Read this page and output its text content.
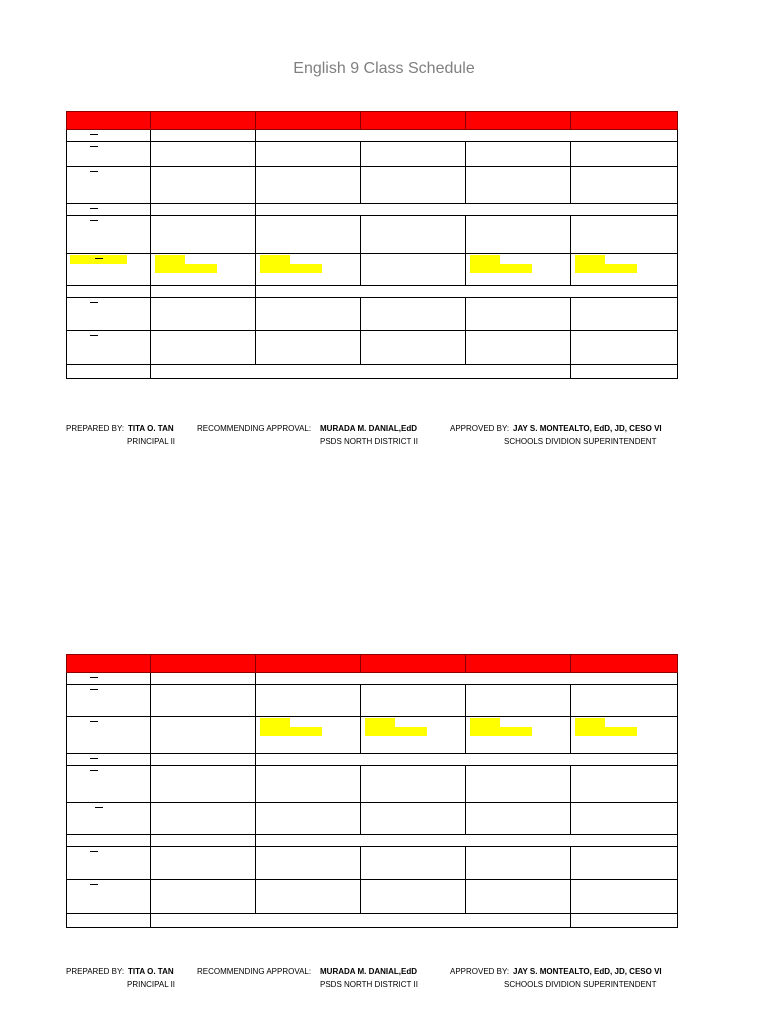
English 9 Class Schedule
PREPARED BY: TITA O. TAN	RECOMMENDING APPROVAL: MURADA M. DANIAL,EdD	APPROVED BY: JAY S. MONTEALTO, EdD, JD, CESO VI
PRINCIPAL II	PSDS NORTH DISTRICT II	SCHOOLS DIVIDION SUPERINTENDENT
PREPARED BY: TITA O. TAN	RECOMMENDING APPROVAL: MURADA M. DANIAL,EdD	APPROVED BY: JAY S. MONTEALTO, EdD, JD, CESO VI
PRINCIPAL II	PSDS NORTH DISTRICT II	SCHOOLS DIVIDION SUPERINTENDENT
